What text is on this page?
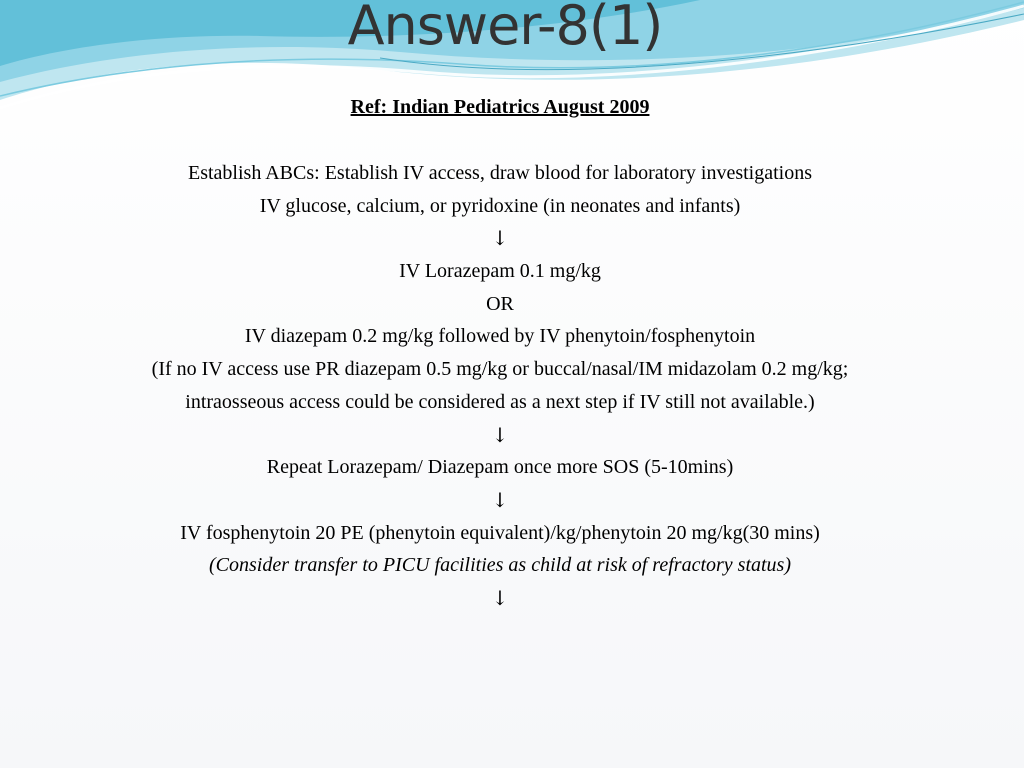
Answer-8(1)
Ref: Indian Pediatrics August 2009
Establish ABCs: Establish IV access, draw blood for laboratory investigations
IV glucose, calcium, or pyridoxine (in neonates and infants)
↓
IV Lorazepam 0.1 mg/kg
OR
IV diazepam 0.2 mg/kg followed by IV phenytoin/fosphenytoin
(If no IV access use PR diazepam 0.5 mg/kg or buccal/nasal/IM midazolam 0.2 mg/kg;
intraosseous access could be considered as a next step if IV still not available.)
↓
Repeat Lorazepam/ Diazepam once more SOS (5-10mins)
↓
IV fosphenytoin 20 PE (phenytoin equivalent)/kg/phenytoin 20 mg/kg(30 mins)
(Consider transfer to PICU facilities as child at risk of refractory status)
↓
